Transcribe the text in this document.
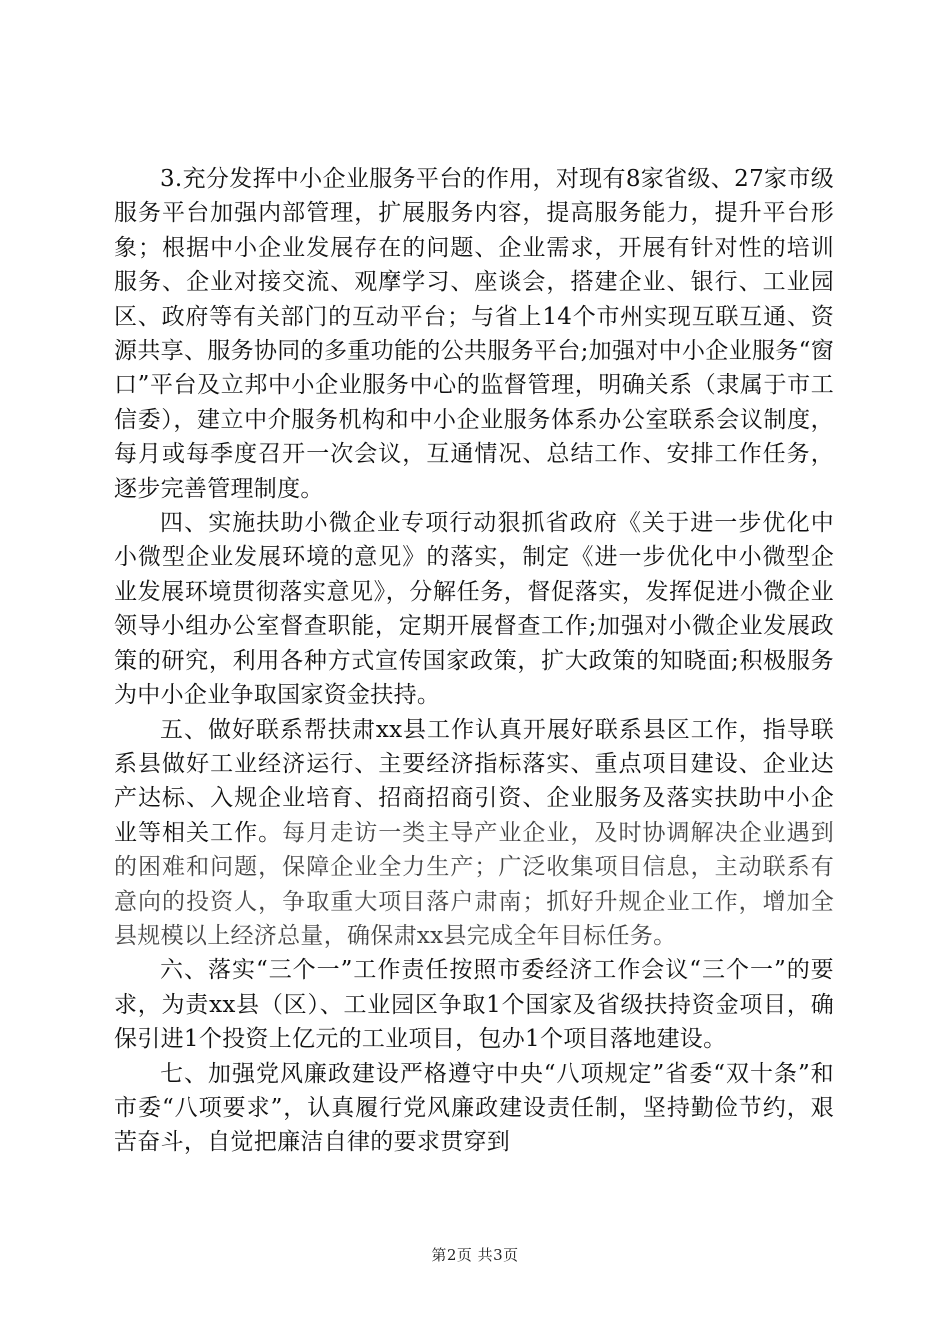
3.充分发挥中小企业服务平台的作用，对现有8家省级、27家市级服务平台加强内部管理，扩展服务内容，提高服务能力，提升平台形象；根据中小企业发展存在的问题、企业需求，开展有针对性的培训服务、企业对接交流、观摩学习、座谈会，搭建企业、银行、工业园区、政府等有关部门的互动平台；与省上14个市州实现互联互通、资源共享、服务协同的多重功能的公共服务平台;加强对中小企业服务“窗口”平台及立邦中小企业服务中心的监督管理，明确关系（隶属于市工信委），建立中介服务机构和中小企业服务体系办公室联系会议制度，每月或每季度召开一次会议，互通情况、总结工作、安排工作任务，逐步完善管理制度。

四、实施扶助小微企业专项行动狠抓省政府《关于进一步优化中小微型企业发展环境的意见》的落实，制定《进一步优化中小微型企业发展环境贯彻落实意见》，分解任务，督促落实，发挥促进小微企业领导小组办公室督查职能，定期开展督查工作;加强对小微企业发展政策的研究，利用各种方式宣传国家政策，扩大政策的知晓面;积极服务为中小企业争取国家资金扶持。

五、做好联系帮扶肃xx县工作认真开展好联系县区工作，指导联系县做好工业经济运行、主要经济指标落实、重点项目建设、企业达产达标、入规企业培育、招商招商引资、企业服务及落实扶助中小企业等相关工作。每月走访一类主导产业企业，及时协调解决企业遇到的困难和问题，保障企业全力生产；广泛收集项目信息，主动联系有意向的投资人，争取重大项目落户肃南；抓好升规企业工作，增加全县规模以上经济总量，确保肃xx县完成全年目标任务。

六、落实“三个一”工作责任按照市委经济工作会议“三个一”的要求，为责xx县（区）、工业园区争取1个国家及省级扶持资金项目，确保引进1个投资上亿元的工业项目，包办1个项目落地建设。

七、加强党风廉政建设严格遵守中央“八项规定”省委“双十条”和市委“八项要求”，认真履行党风廉政建设责任制，坚持勤俭节约，艰苦奋斗，自觉把廉洁自律的要求贯穿到

第2页 共3页
